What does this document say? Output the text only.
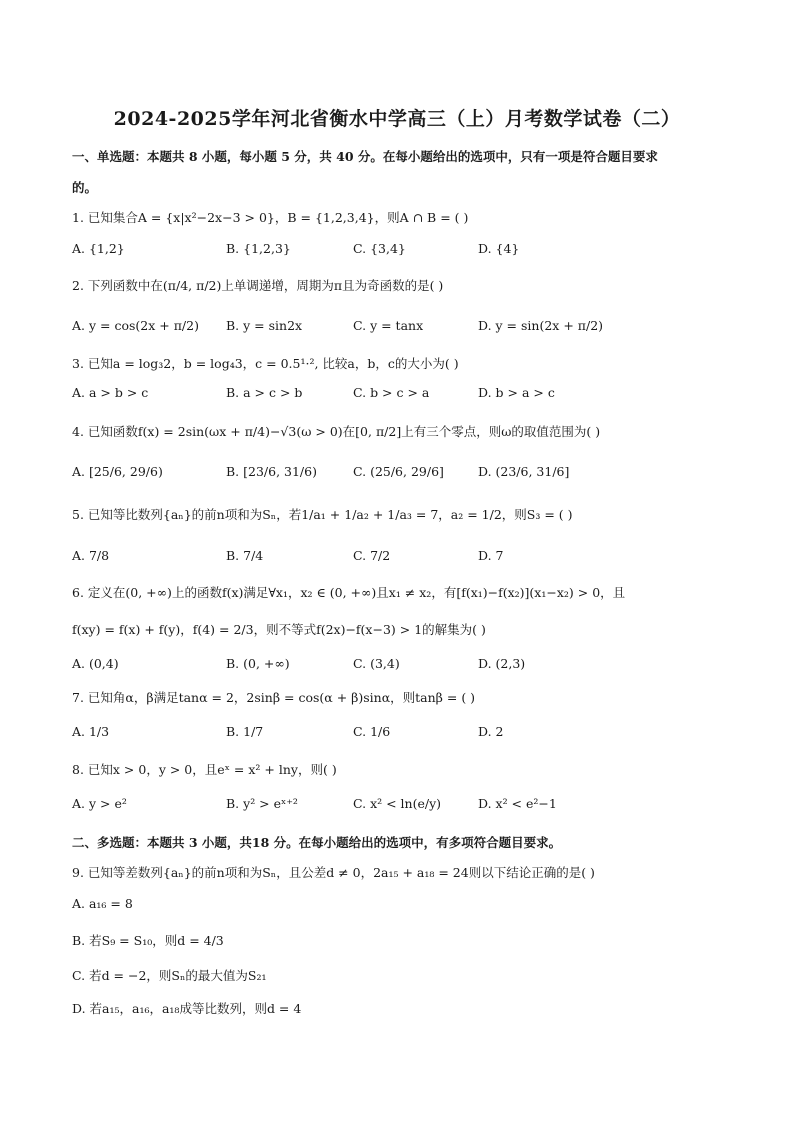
2024-2025学年河北省衡水中学高三（上）月考数学试卷（二）
一、单选题：本题共 8 小题，每小题 5 分，共 40 分。在每小题给出的选项中，只有一项是符合题目要求
的。
1. 已知集合A = {x|x²−2x−3 > 0}，B = {1,2,3,4}，则A ∩ B = ( )
A. {1,2}	B. {1,2,3}	C. {3,4}	D. {4}
2. 下列函数中在(π/4, π/2)上单调递增，周期为π且为奇函数的是( )
A. y = cos(2x + π/2) B. y = sin2x	C. y = tanx	D. y = sin(2x + π/2)
3. 已知a = log₃2，b = log₄3，c = 0.5¹·², 比较a，b，c的大小为( )
A. a > b > c	B. a > c > b	C. b > c > a	D. b > a > c
4. 已知函数f(x) = 2sin(ωx + π/4)−√3(ω > 0)在[0, π/2]上有三个零点，则ω的取值范围为( )
A. [25/6, 29/6)	B. [23/6, 31/6)	C. (25/6, 29/6]	D. (23/6, 31/6]
5. 已知等比数列{aₙ}的前n项和为Sₙ，若1/a₁ + 1/a₂ + 1/a₃ = 7，a₂ = 1/2，则S₃ = ( )
A. 7/8	B. 7/4	C. 7/2	D. 7
6. 定义在(0, +∞)上的函数f(x)满足∀x₁，x₂ ∈ (0, +∞)且x₁ ≠ x₂，有[f(x₁)−f(x₂)](x₁−x₂) > 0，且
f(xy) = f(x) + f(y)，f(4) = 2/3，则不等式f(2x)−f(x−3) > 1的解集为( )
A. (0,4)	B. (0, +∞)	C. (3,4)	D. (2,3)
7. 已知角α，β满足tanα = 2，2sinβ = cos(α + β)sinα，则tanβ = ( )
A. 1/3	B. 1/7	C. 1/6	D. 2
8. 已知x > 0，y > 0，且eˣ = x² + lny，则( )
A. y > e²	B. y² > eˣ⁺²	C. x² < ln(e/y)	D. x² < e²−1
二、多选题：本题共 3 小题，共18 分。在每小题给出的选项中，有多项符合题目要求。
9. 已知等差数列{aₙ}的前n项和为Sₙ，且公差d ≠ 0，2a₁₅ + a₁₈ = 24则以下结论正确的是( )
A. a₁₆ = 8
B. 若S₉ = S₁₀，则d = 4/3
C. 若d = −2，则Sₙ的最大值为S₂₁
D. 若a₁₅，a₁₆，a₁₈成等比数列，则d = 4
